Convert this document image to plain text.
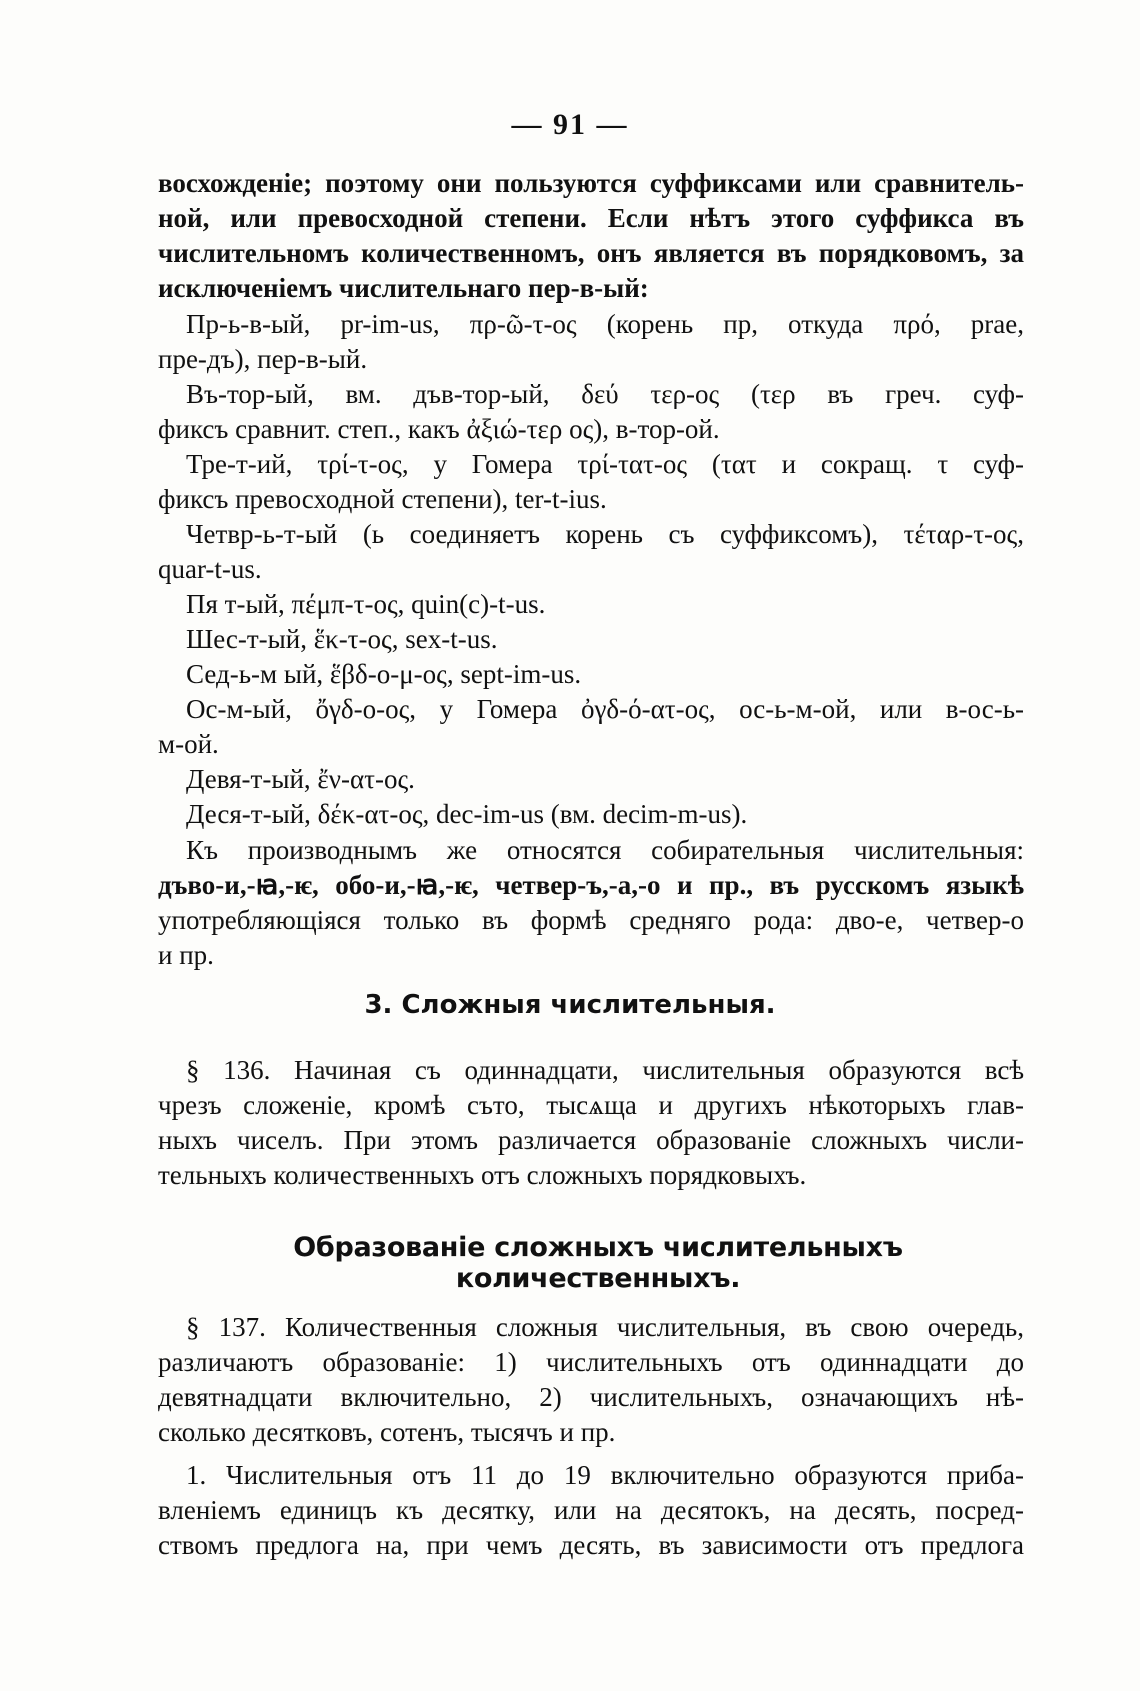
— 91 —
восхожденіе; поэтому они пользуются суффиксами или сравнитель-
ной, или превосходной степени. Если нѣтъ этого суффикса въ
числительномъ количественномъ, онъ является въ порядковомъ, за
исключеніемъ числительнаго пер-в-ый:
Пр-ь-в-ый, pr-im-us, πρ-ῶ-τ-ος (корень пр, откуда πρό, prae,
пре-дъ), пер-в-ый.
Въ-тор-ый, вм. дъв-тор-ый, δεύ τερ-ος (τερ въ греч. суф-
фиксъ сравнит. степ., какъ ἀξιώ-τερ ος), в-тор-ой.
Тре-т-ий, τρί-τ-ος, у Гомера τρί-τατ-ος (τατ и сокращ. τ суф-
фиксъ превосходной степени), ter-t-ius.
Четвр-ь-т-ый (ь соединяетъ корень съ суффиксомъ), τέταρ-τ-ος,
quar-t-us.
Пя т-ый, πέμπ-τ-ος, quin(c)-t-us.
Шес-т-ый, ἕκ-τ-ος, sex-t-us.
Сед-ь-м ый, ἕβδ-ο-μ-ος, sept-im-us.
Ос-м-ый, ὄγδ-ο-ος, у Гомера ὀγδ-ό-ατ-ος, ос-ь-м-ой, или в-ос-ь-
м-ой.
Девя-т-ый, ἔν-ατ-ος.
Деся-т-ый, δέκ-ατ-ος, dec-im-us (вм. decim-m-us).
Къ производнымъ же относятся собирательныя числительныя:
дъво-и,-ꙗ,-ѥ, обо-и,-ꙗ,-ѥ, четвер-ъ,-а,-о и пр., въ русскомъ языкѣ
употребляющіяся только въ формѣ средняго рода: дво-е, четвер-о
и пр.
3. Сложныя числительныя.
§ 136. Начиная съ одиннадцати, числительныя образуются всѣ
чрезъ сложеніе, кромѣ съто, тысѧща и другихъ нѣкоторыхъ глав-
ныхъ чиселъ. При этомъ различается образованіе сложныхъ числи-
тельныхъ количественныхъ отъ сложныхъ порядковыхъ.
Образованіе сложныхъ числительныхъ количественныхъ.
§ 137. Количественныя сложныя числительныя, въ свою очередь,
различаютъ образованіе: 1) числительныхъ отъ одиннадцати до
девятнадцати включительно, 2) числительныхъ, означающихъ нѣ-
сколько десятковъ, сотенъ, тысячъ и пр.
1. Числительныя отъ 11 до 19 включительно образуются приба-
вленіемъ единицъ къ десятку, или на десятокъ, на десять, посред-
ствомъ предлога на, при чемъ десять, въ зависимости отъ предлога
